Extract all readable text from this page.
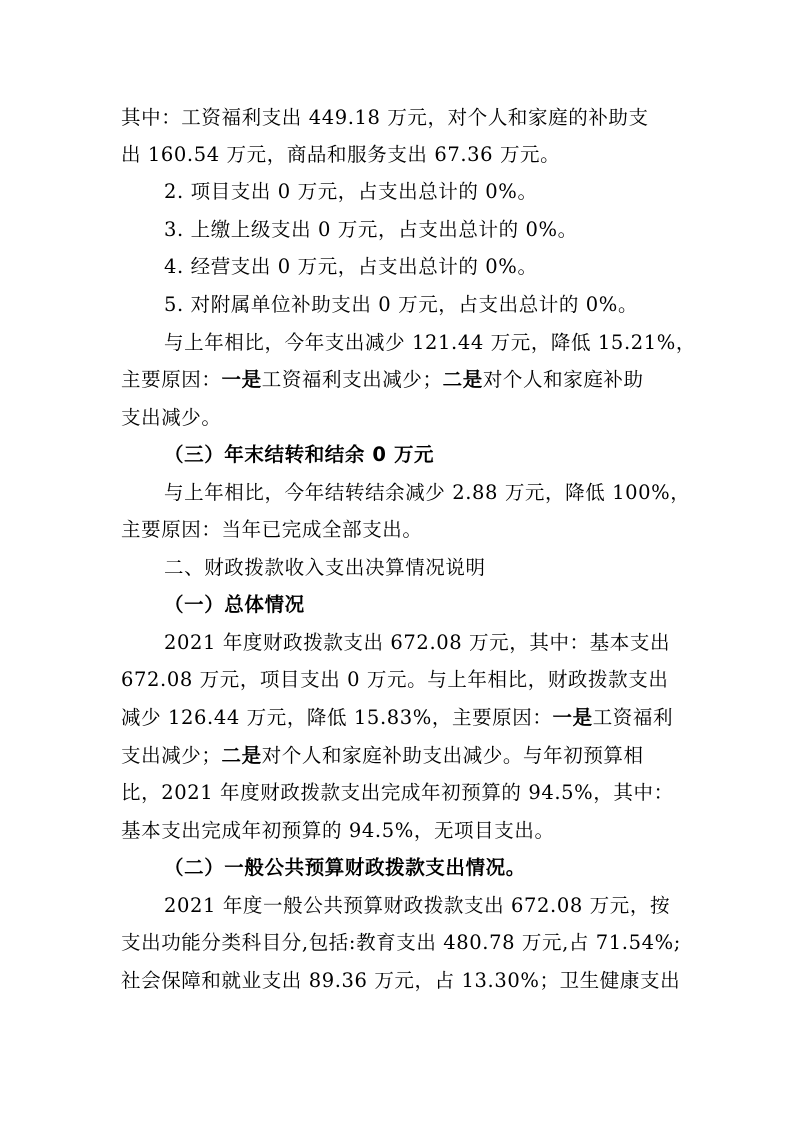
其中：工资福利支出 449.18 万元，对个人和家庭的补助支
出 160.54 万元，商品和服务支出 67.36 万元。
2. 项目支出 0 万元，占支出总计的 0%。
3. 上缴上级支出 0 万元，占支出总计的 0%。
4. 经营支出 0 万元，占支出总计的 0%。
5. 对附属单位补助支出 0 万元，占支出总计的 0%。
与上年相比，今年支出减少 121.44 万元，降低 15.21%，
主要原因：一是工资福利支出减少；二是对个人和家庭补助
支出减少。
（三）年末结转和结余 0 万元
与上年相比，今年结转结余减少 2.88 万元，降低 100%，
主要原因：当年已完成全部支出。
二、财政拨款收入支出决算情况说明
（一）总体情况
2021 年度财政拨款支出 672.08 万元，其中：基本支出
672.08 万元，项目支出 0 万元。与上年相比，财政拨款支出
减少 126.44 万元，降低 15.83%，主要原因：一是工资福利
支出减少；二是对个人和家庭补助支出减少。与年初预算相
比，2021 年度财政拨款支出完成年初预算的 94.5%，其中：
基本支出完成年初预算的 94.5%，无项目支出。
（二）一般公共预算财政拨款支出情况。
2021 年度一般公共预算财政拨款支出 672.08 万元，按
支出功能分类科目分,包括:教育支出 480.78 万元,占 71.54%;
社会保障和就业支出 89.36 万元，占 13.30%；卫生健康支出
